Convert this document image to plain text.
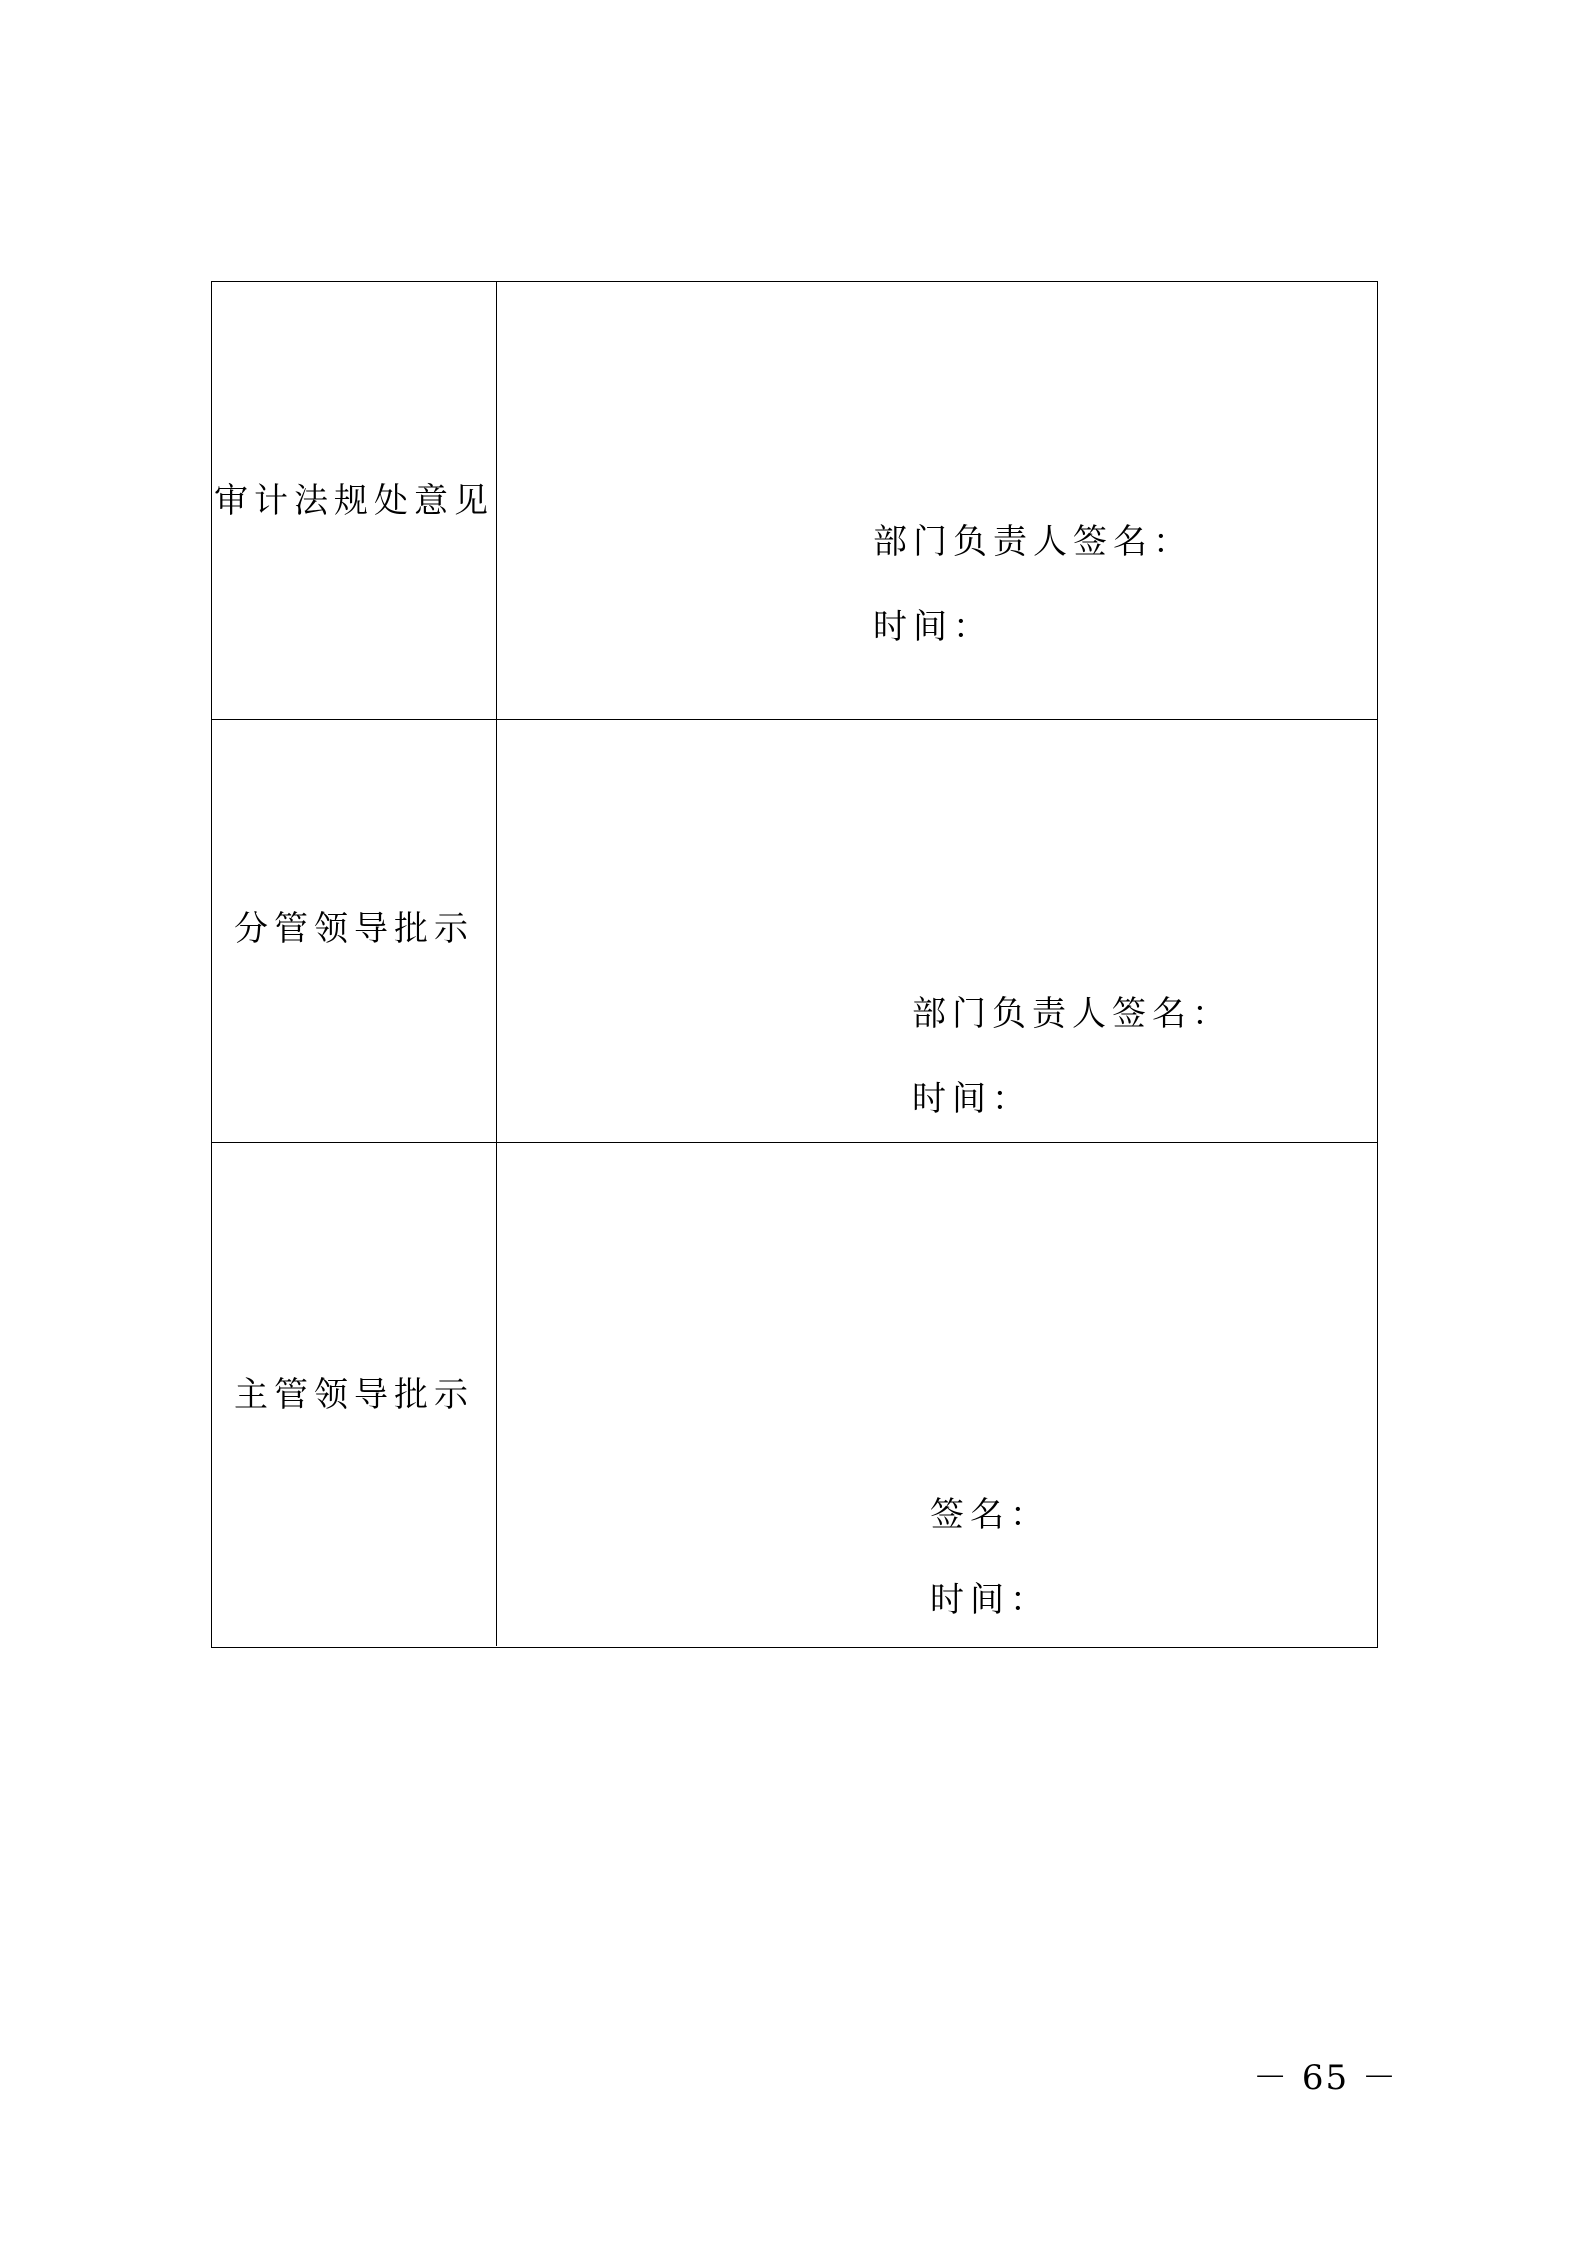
审计法规处意见
部门负责人签名：
时间：
分管领导批示
部门负责人签名：
时间：
主管领导批示
签名：
时间：
－ 65 －
